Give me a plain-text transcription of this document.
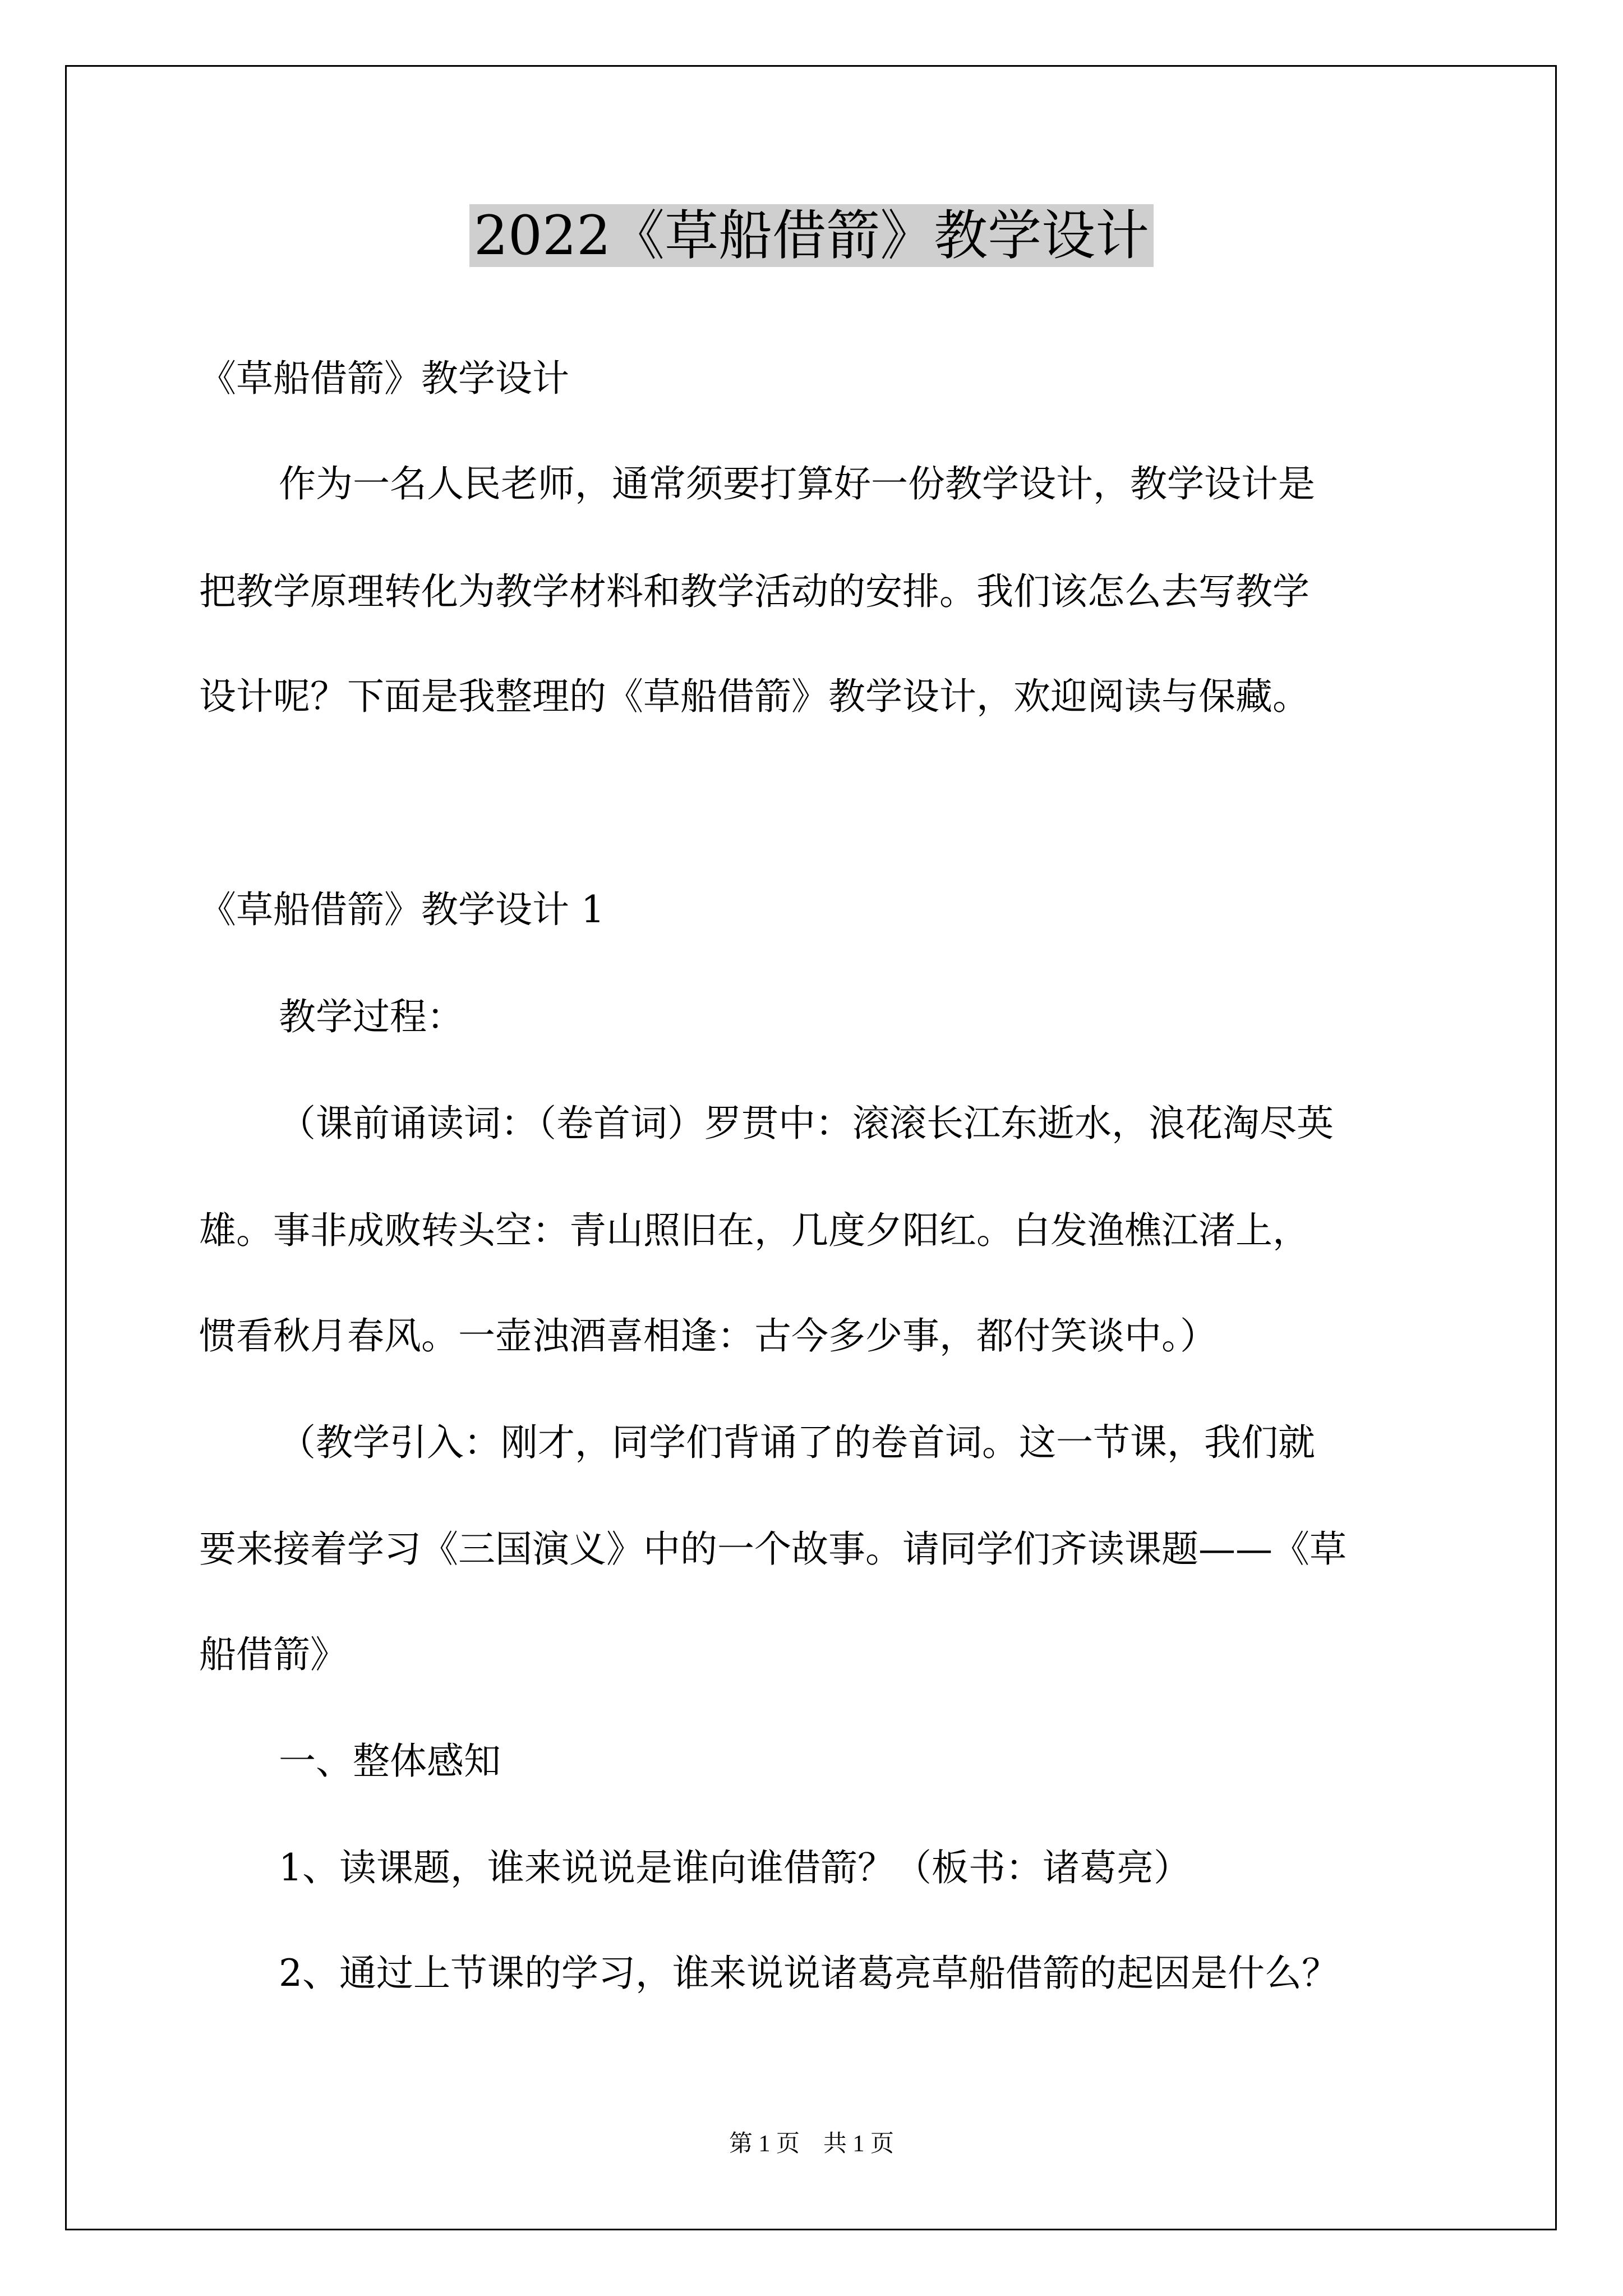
2022《草船借箭》教学设计
《草船借箭》教学设计
作为一名人民老师，通常须要打算好一份教学设计，教学设计是
把教学原理转化为教学材料和教学活动的安排。我们该怎么去写教学
设计呢？下面是我整理的《草船借箭》教学设计，欢迎阅读与保藏。
《草船借箭》教学设计 1
教学过程：
（课前诵读词：（卷首词）罗贯中：滚滚长江东逝水，浪花淘尽英
雄。事非成败转头空：青山照旧在，几度夕阳红。白发渔樵江渚上，
惯看秋月春风。一壶浊酒喜相逢：古今多少事，都付笑谈中。）
（教学引入：刚才，同学们背诵了的卷首词。这一节课，我们就
要来接着学习《三国演义》中的一个故事。请同学们齐读课题——《草
船借箭》
一、整体感知
1、读课题，谁来说说是谁向谁借箭？（板书：诸葛亮）
2、通过上节课的学习，谁来说说诸葛亮草船借箭的起因是什么？
第 1 页　共 1 页
